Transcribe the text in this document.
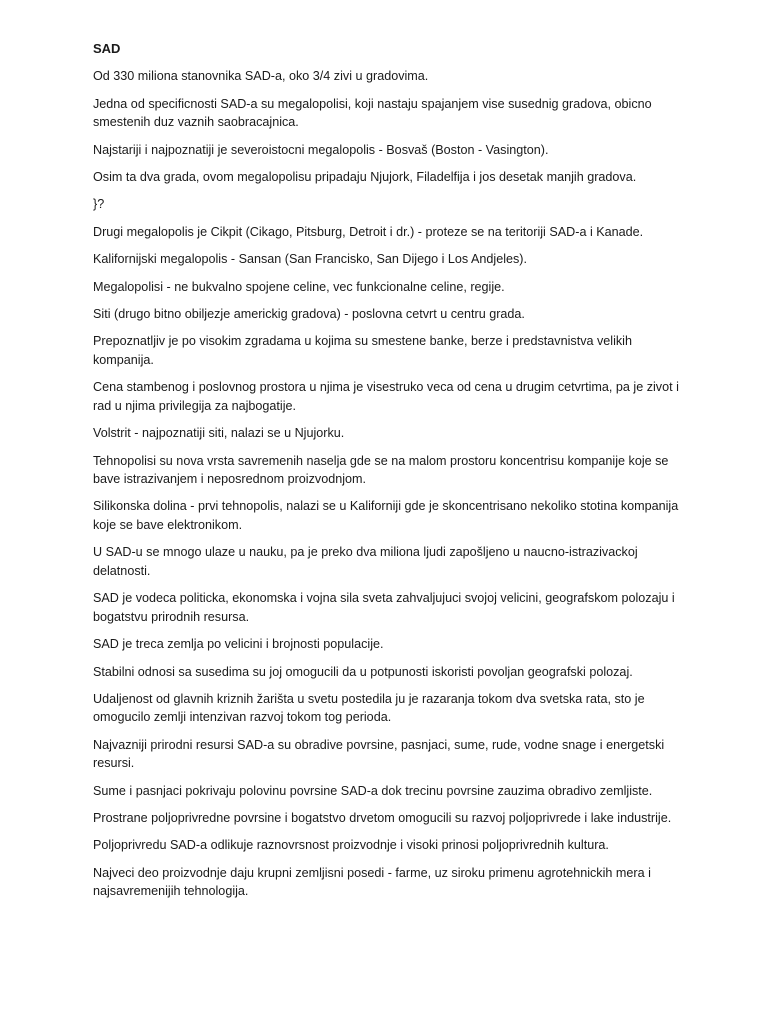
SAD

Od 330 miliona stanovnika SAD-a, oko 3/4 zivi u gradovima.

Jedna od specificnosti SAD-a su megalopolisi, koji nastaju spajanjem vise susednig gradova, obicno smestenih duz vaznih saobracajnica.

Najstariji i najpoznatiji je severoistocni megalopolis - Bosvaš (Boston - Vasington).

Osim ta dva grada, ovom megalopolisu pripadaju Njujork, Filadelfija i jos desetak manjih gradova.

}?

Drugi megalopolis je Cikpit (Cikago, Pitsburg, Detroit i dr.) - proteze se na teritoriji SAD-a i Kanade.

Kalifornijski megalopolis - Sansan (San Francisko, San Dijego i Los Andjeles).

Megalopolisi - ne bukvalno spojene celine, vec funkcionalne celine, regije.

Siti (drugo bitno obiljezje americkig gradova) - poslovna cetvrt u centru grada.

Prepoznatljiv je po visokim zgradama u kojima su smestene banke, berze i predstavnistva velikih kompanija.

Cena stambenog i poslovnog prostora u njima je visestruko veca od cena u drugim cetvrtima, pa je zivot i rad u njima privilegija za najbogatije.

Volstrit - najpoznatiji siti, nalazi se u Njujorku.

Tehnopolisi su nova vrsta savremenih naselja gde se na malom prostoru koncentrisu kompanije koje se bave istrazivanjem i neposrednom proizvodnjom.

Silikonska dolina - prvi tehnopolis, nalazi se u Kaliforniji gde je skoncentrisano nekoliko stotina kompanija koje se bave elektronikom.

U SAD-u se mnogo ulaze u nauku, pa je preko dva miliona ljudi zapošljeno u naucno-istrazivackoj delatnosti.

SAD je vodeca politicka, ekonomska i vojna sila sveta zahvaljujuci svojoj velicini, geografskom polozaju i bogatstvu prirodnih resursa.

SAD je treca zemlja po velicini i brojnosti populacije.

Stabilni odnosi sa susedima su joj omogucili da u potpunosti iskoristi povoljan geografski polozaj.

Udaljenost od glavnih kriznih žarišta u svetu postedila ju je razaranja tokom dva svetska rata, sto je omogucilo zemlji intenzivan razvoj tokom tog perioda.

Najvazniji prirodni resursi SAD-a su obradive povrsine, pasnjaci, sume, rude, vodne snage i energetski resursi.

Sume i pasnjaci pokrivaju polovinu povrsine SAD-a dok trecinu povrsine zauzima obradivo zemljiste.

Prostrane poljoprivredne povrsine i bogatstvo drvetom omogucili su razvoj poljoprivrede i lake industrije.

Poljoprivredu SAD-a odlikuje raznovrsnost proizvodnje i visoki prinosi poljoprivrednih kultura.

Najveci deo proizvodnje daju krupni zemljisni posedi - farme, uz siroku primenu agrotehnickih mera i najsavremenijih tehnologija.
